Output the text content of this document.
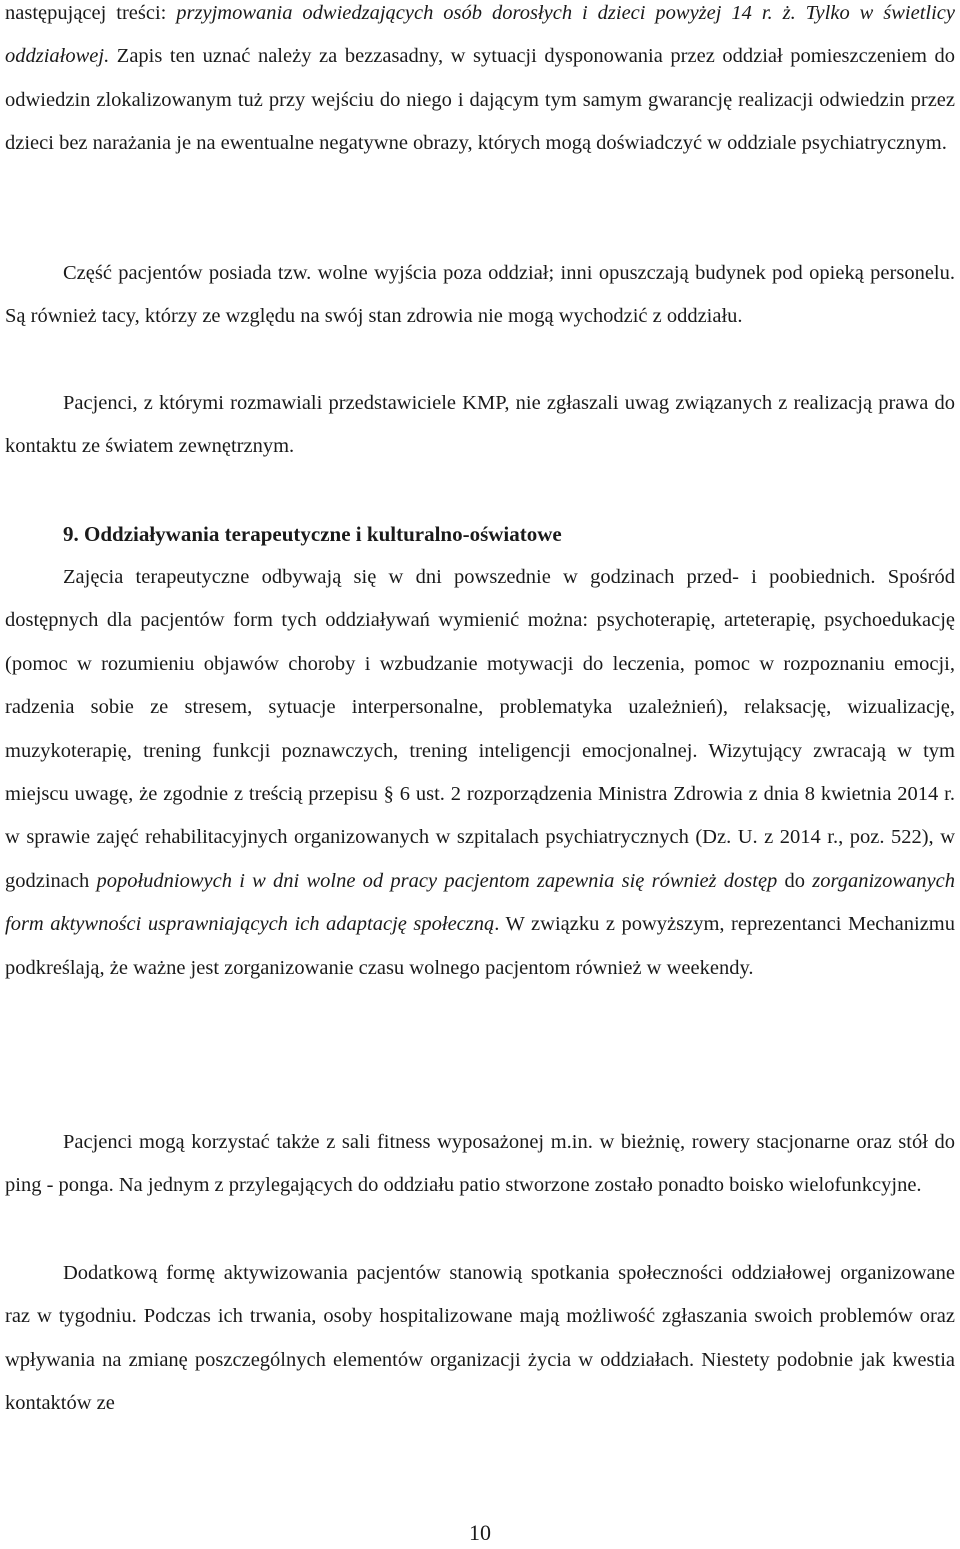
następującej treści: przyjmowania odwiedzających osób dorosłych i dzieci powyżej 14 r. ż. Tylko w świetlicy oddziałowej. Zapis ten uznać należy za bezzasadny, w sytuacji dysponowania przez oddział pomieszczeniem do odwiedzin zlokalizowanym tuż przy wejściu do niego i dającym tym samym gwarancję realizacji odwiedzin przez dzieci bez narażania je na ewentualne negatywne obrazy, których mogą doświadczyć w oddziale psychiatrycznym.

Część pacjentów posiada tzw. wolne wyjścia poza oddział; inni opuszczają budynek pod opieką personelu. Są również tacy, którzy ze względu na swój stan zdrowia nie mogą wychodzić z oddziału.

Pacjenci, z którymi rozmawiali przedstawiciele KMP, nie zgłaszali uwag związanych z realizacją prawa do kontaktu ze światem zewnętrznym.

9. Oddziaływania terapeutyczne i kulturalno-oświatowe

Zajęcia terapeutyczne odbywają się w dni powszednie w godzinach przed- i poobiednich. Spośród dostępnych dla pacjentów form tych oddziaływań wymienić można: psychoterapię, arteterapię, psychoedukację (pomoc w rozumieniu objawów choroby i wzbudzanie motywacji do leczenia, pomoc w rozpoznaniu emocji, radzenia sobie ze stresem, sytuacje interpersonalne, problematyka uzależnień), relaksację, wizualizację, muzykoterapię, trening funkcji poznawczych, trening inteligencji emocjonalnej. Wizytujący zwracają w tym miejscu uwagę, że zgodnie z treścią przepisu § 6 ust. 2 rozporządzenia Ministra Zdrowia z dnia 8 kwietnia 2014 r. w sprawie zajęć rehabilitacyjnych organizowanych w szpitalach psychiatrycznych (Dz. U. z 2014 r., poz. 522), w godzinach popołudniowych i w dni wolne od pracy pacjentom zapewnia się również dostęp do zorganizowanych form aktywności usprawniających ich adaptację społeczną. W związku z powyższym, reprezentanci Mechanizmu podkreślają, że ważne jest zorganizowanie czasu wolnego pacjentom również w weekendy.

Pacjenci mogą korzystać także z sali fitness wyposażonej m.in. w bieżnię, rowery stacjonarne oraz stół do ping - ponga. Na jednym z przylegających do oddziału patio stworzone zostało ponadto boisko wielofunkcyjne.

Dodatkową formę aktywizowania pacjentów stanowią spotkania społeczności oddziałowej organizowane raz w tygodniu. Podczas ich trwania, osoby hospitalizowane mają możliwość zgłaszania swoich problemów oraz wpływania na zmianę poszczególnych elementów organizacji życia w oddziałach. Niestety podobnie jak kwestia kontaktów ze

10
